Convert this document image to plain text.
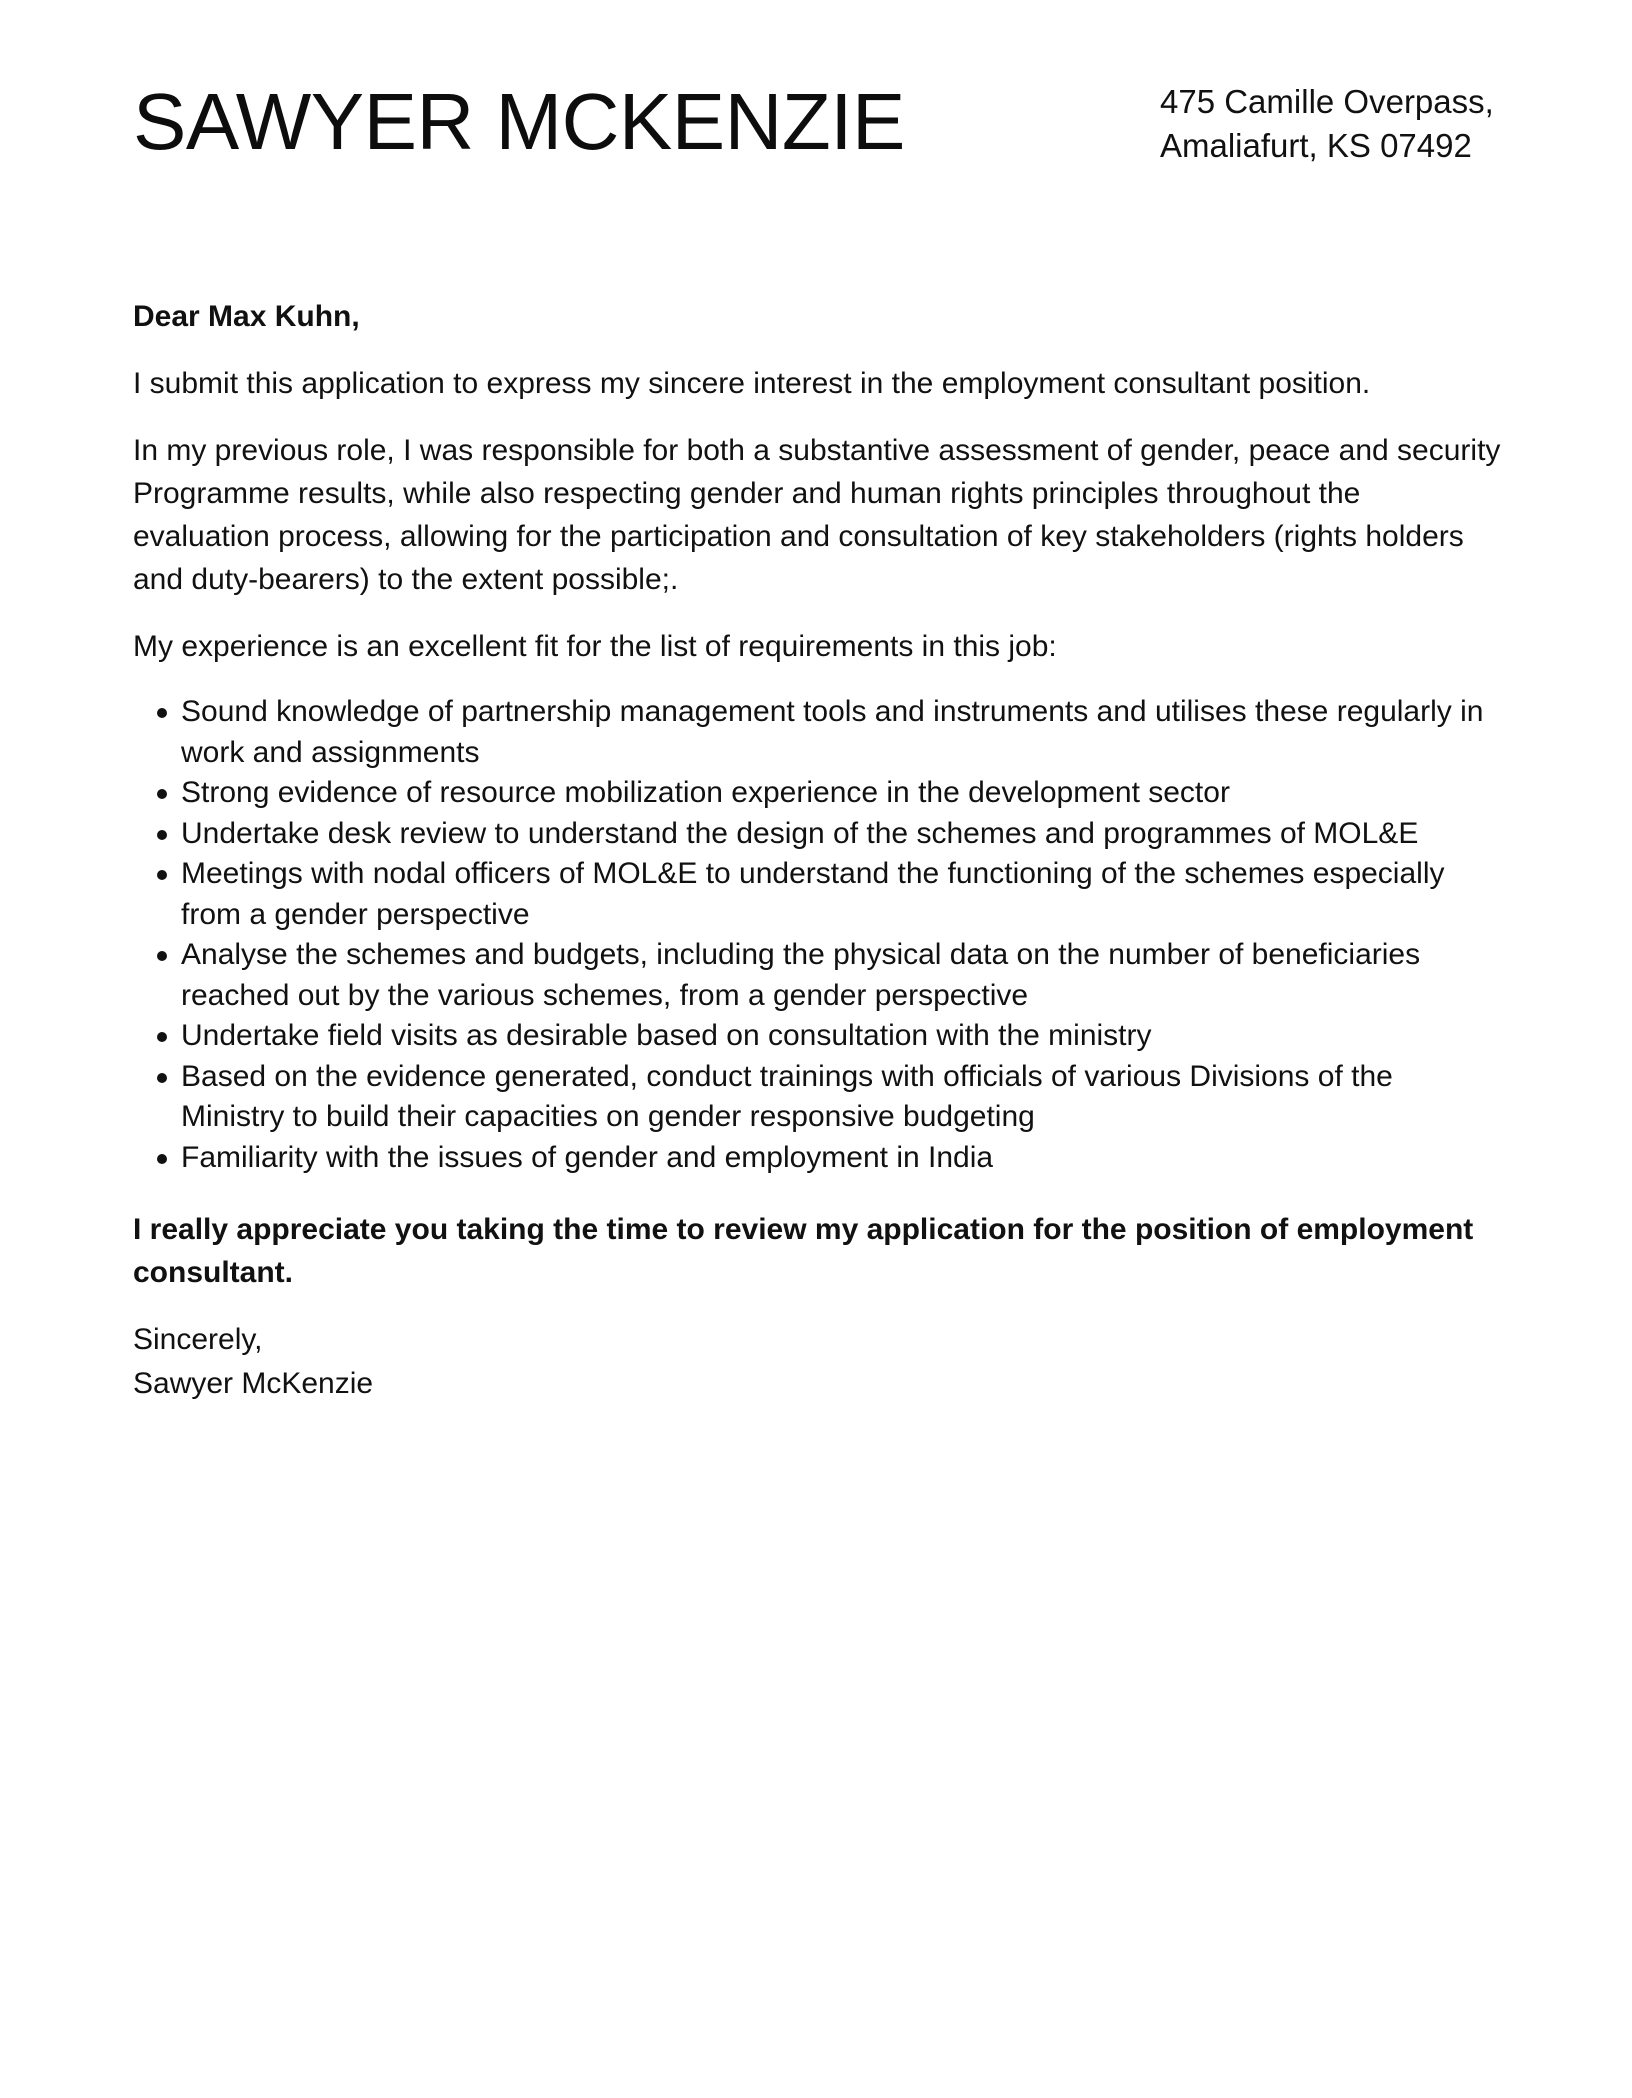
SAWYER MCKENZIE	475 Camille Overpass,
Amaliafurt, KS 07492

Dear Max Kuhn,

I submit this application to express my sincere interest in the employment consultant position.

In my previous role, I was responsible for both a substantive assessment of gender, peace and security Programme results, while also respecting gender and human rights principles throughout the evaluation process, allowing for the participation and consultation of key stakeholders (rights holders and duty-bearers) to the extent possible;.

My experience is an excellent fit for the list of requirements in this job:

Sound knowledge of partnership management tools and instruments and utilises these regularly in work and assignments
Strong evidence of resource mobilization experience in the development sector
Undertake desk review to understand the design of the schemes and programmes of MOL&E
Meetings with nodal officers of MOL&E to understand the functioning of the schemes especially from a gender perspective
Analyse the schemes and budgets, including the physical data on the number of beneficiaries reached out by the various schemes, from a gender perspective
Undertake field visits as desirable based on consultation with the ministry
Based on the evidence generated, conduct trainings with officials of various Divisions of the Ministry to build their capacities on gender responsive budgeting
Familiarity with the issues of gender and employment in India

I really appreciate you taking the time to review my application for the position of employment consultant.

Sincerely,
Sawyer McKenzie
